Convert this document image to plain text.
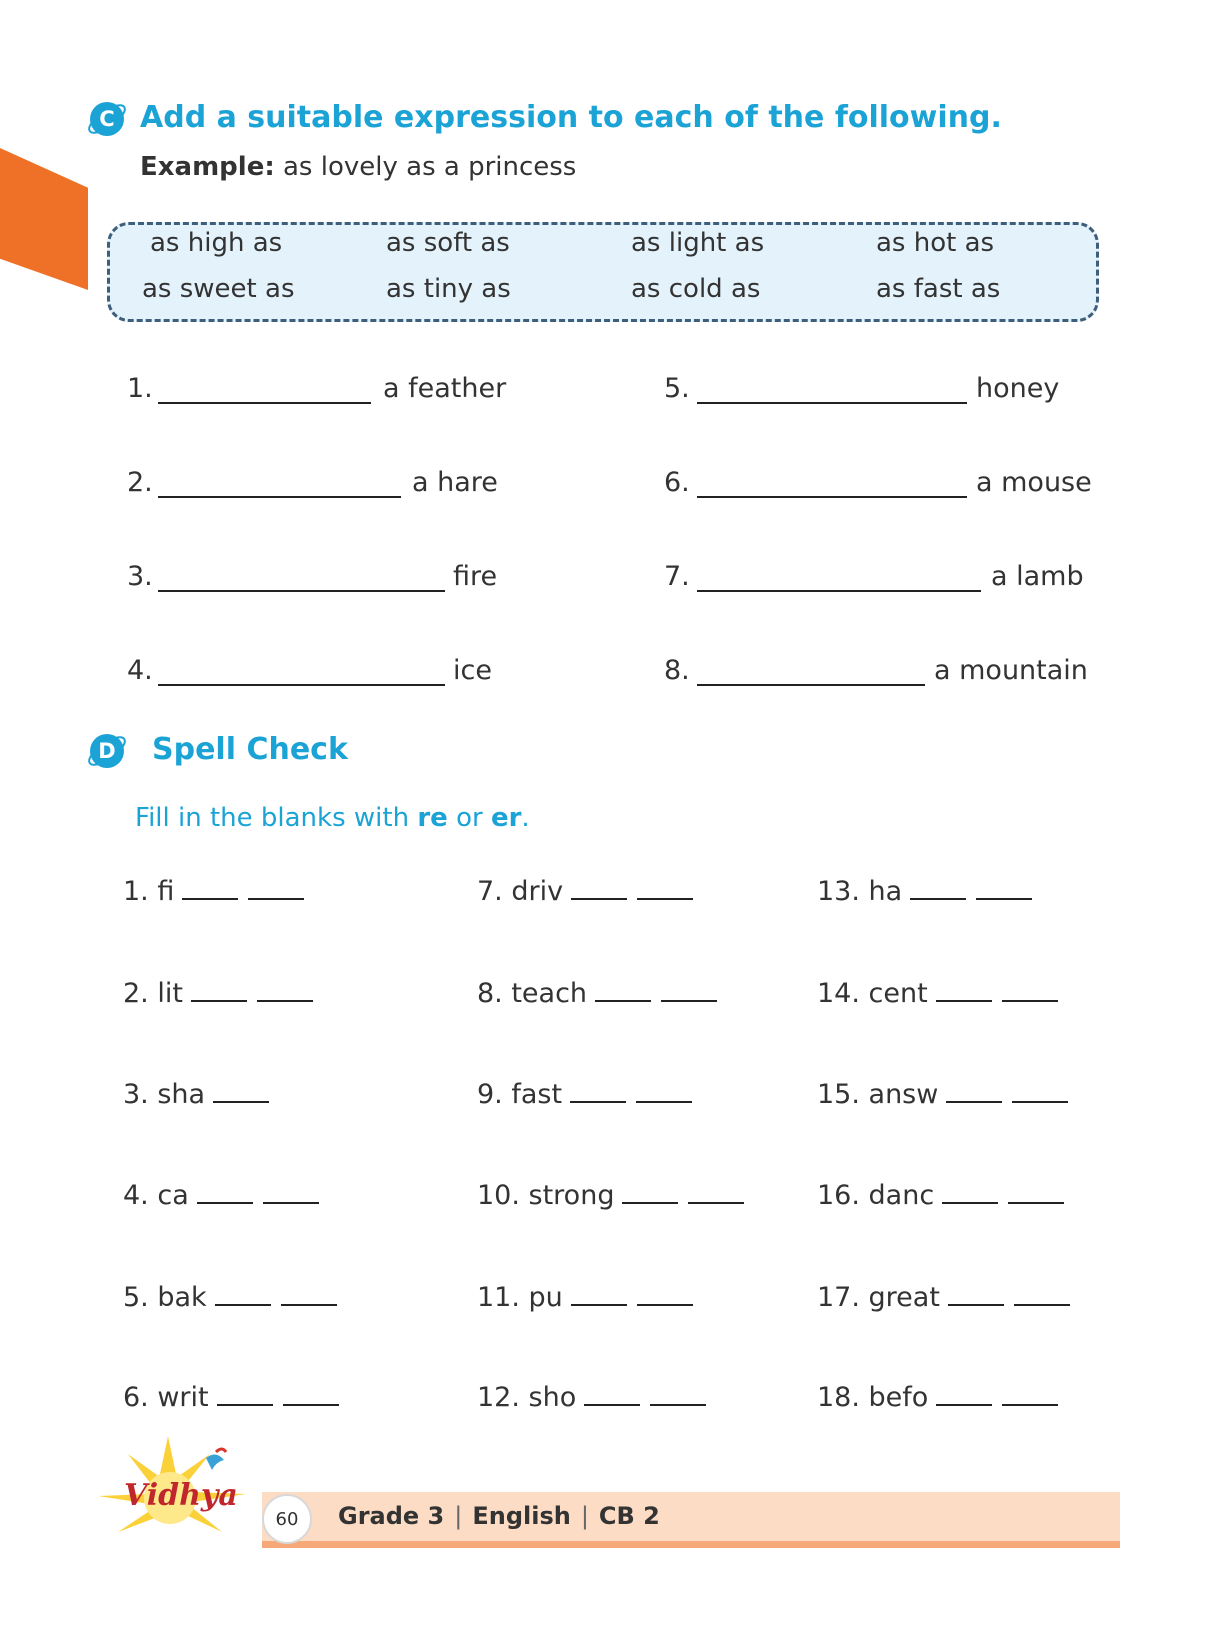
C Add a suitable expression to each of the following.
Example: as lovely as a princess
as high as	as soft as	as light as	as hot as
as sweet as	as tiny as	as cold as	as fast as
1.	a feather
2.	a hare
3.	fire
4.	ice
5.	honey
6.	a mouse
7.	a lamb
8.	a mountain
D Spell Check
Fill in the blanks with re or er.
1. fi
2. lit
3. sha
4. ca
5. bak
6. writ
7. driv
8. teach
9. fast
10. strong
11. pu
12. sho
13. ha
14. cent
15. answ
16. danc
17. great
18. befo
Vidhya
60	Grade 3 | English | CB 2
